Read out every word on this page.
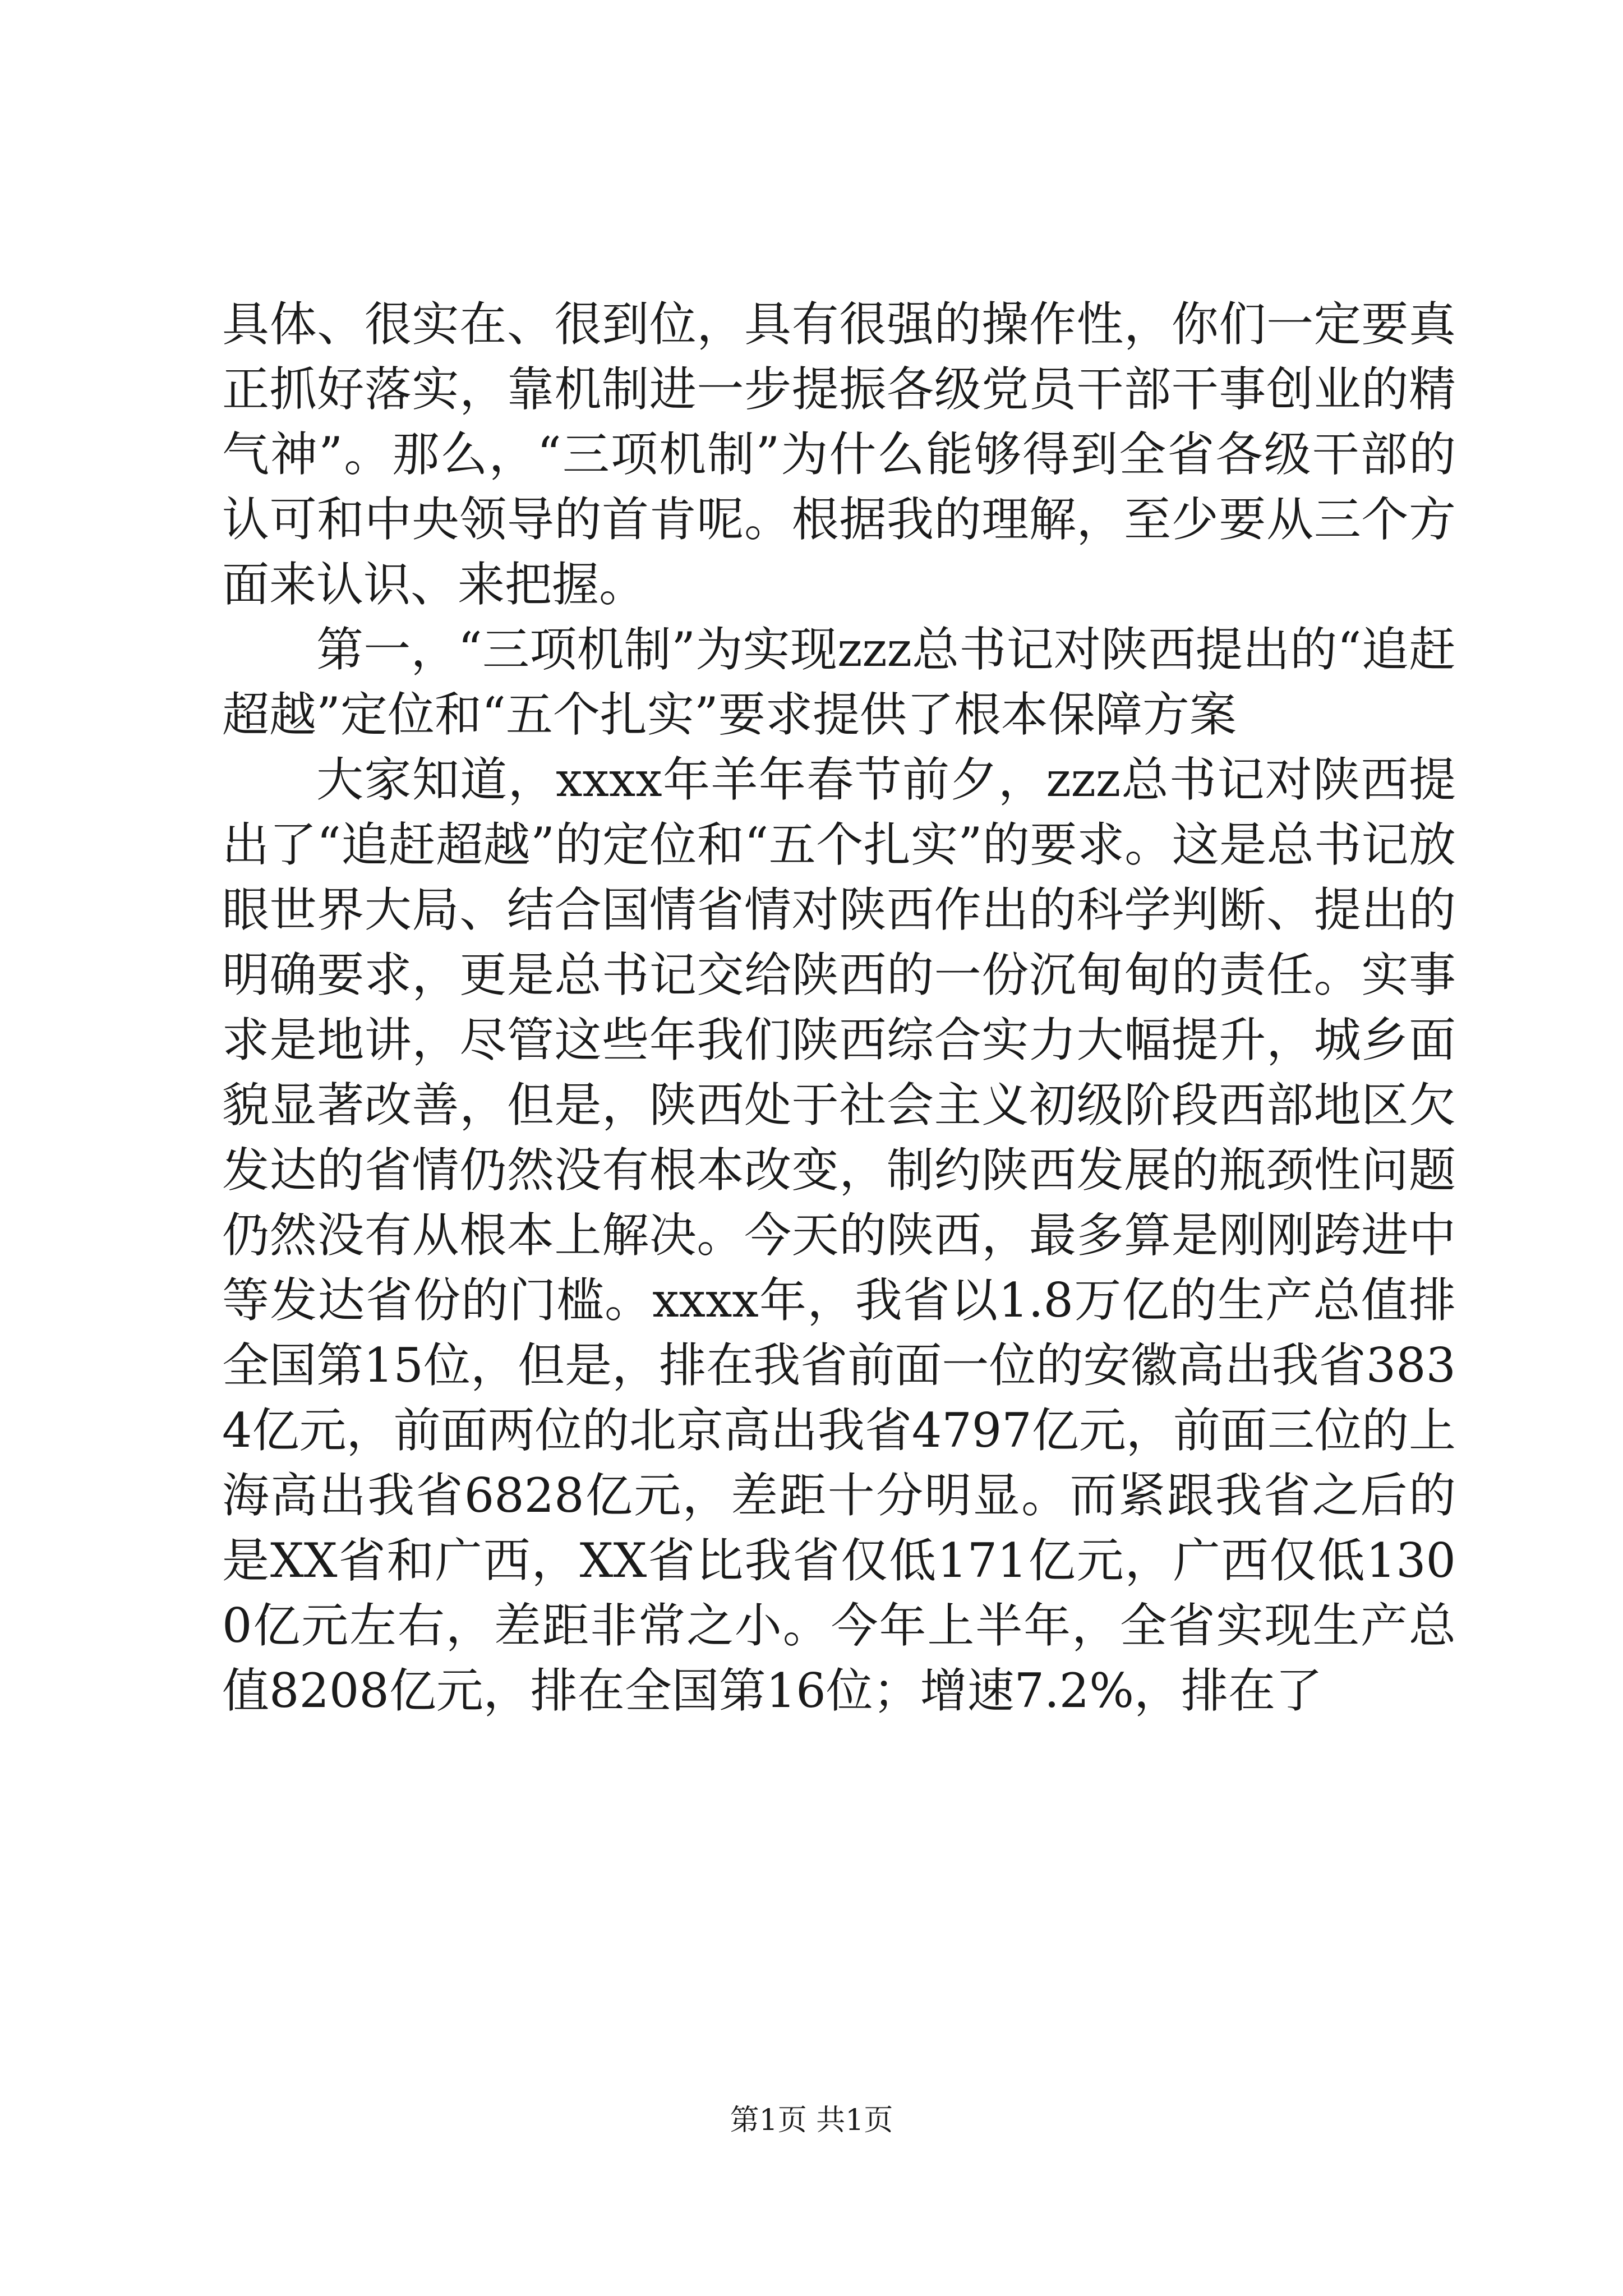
具体、很实在、很到位，具有很强的操作性，你们一定要真正抓好落实，靠机制进一步提振各级党员干部干事创业的精气神”。那么，“三项机制”为什么能够得到全省各级干部的认可和中央领导的首肯呢。根据我的理解，至少要从三个方面来认识、来把握。

第一，“三项机制”为实现zzz总书记对陕西提出的“追赶超越”定位和“五个扎实”要求提供了根本保障方案

大家知道，xxxx年羊年春节前夕，zzz总书记对陕西提出了“追赶超越”的定位和“五个扎实”的要求。这是总书记放眼世界大局、结合国情省情对陕西作出的科学判断、提出的明确要求，更是总书记交给陕西的一份沉甸甸的责任。实事求是地讲，尽管这些年我们陕西综合实力大幅提升，城乡面貌显著改善，但是，陕西处于社会主义初级阶段西部地区欠发达的省情仍然没有根本改变，制约陕西发展的瓶颈性问题仍然没有从根本上解决。今天的陕西，最多算是刚刚跨进中等发达省份的门槛。xxxx年，我省以1.8万亿的生产总值排全国第15位，但是，排在我省前面一位的安徽高出我省3834亿元，前面两位的北京高出我省4797亿元，前面三位的上海高出我省6828亿元，差距十分明显。而紧跟我省之后的是XX省和广西，XX省比我省仅低171亿元，广西仅低1300亿元左右，差距非常之小。今年上半年，全省实现生产总值8208亿元，排在全国第16位；增速7.2%，排在了

第1页 共1页
